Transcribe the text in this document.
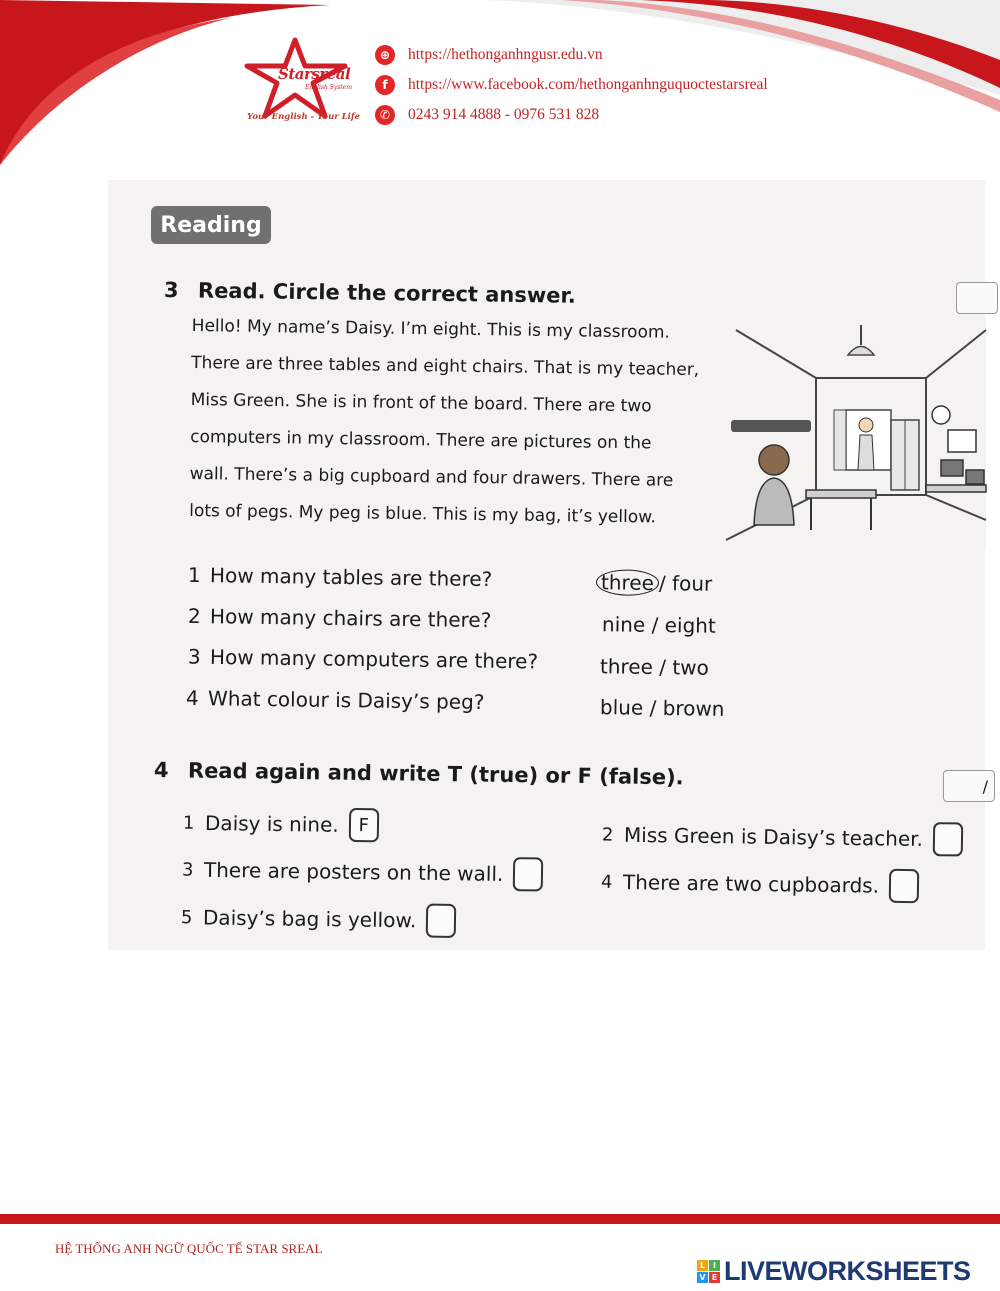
Starsreal
English System
Your English - Your Life
⊕	https://hethonganhngusr.edu.vn
f	https://www.facebook.com/hethonganhnguquoctestarsreal
✆	0243 914 4888 - 0976 531 828
Reading
3 Read. Circle the correct answer.

Hello! My name’s Daisy. I’m eight. This is my classroom.

There are three tables and eight chairs. That is my teacher,

Miss Green. She is in front of the board. There are two

computers in my classroom. There are pictures on the

wall. There’s a big cupboard and four drawers. There are

lots of pegs. My peg is blue. This is my bag, it’s yellow.

1 How many tables are there?	three / four
2 How many chairs are there?	nine / eight
3 How many computers are there?	three / two
4 What colour is Daisy’s peg?	blue / brown
4 Read again and write T (true) or F (false).	/
1 Daisy is nine.	F	2 Miss Green is Daisy’s teacher.
3 There are posters on the wall.	4 There are two cupboards.
5 Daisy’s bag is yellow.
HỆ THỐNG ANH NGỮ QUỐC TẾ STAR SREAL
L I
V E LIVEWORKSHEETS
